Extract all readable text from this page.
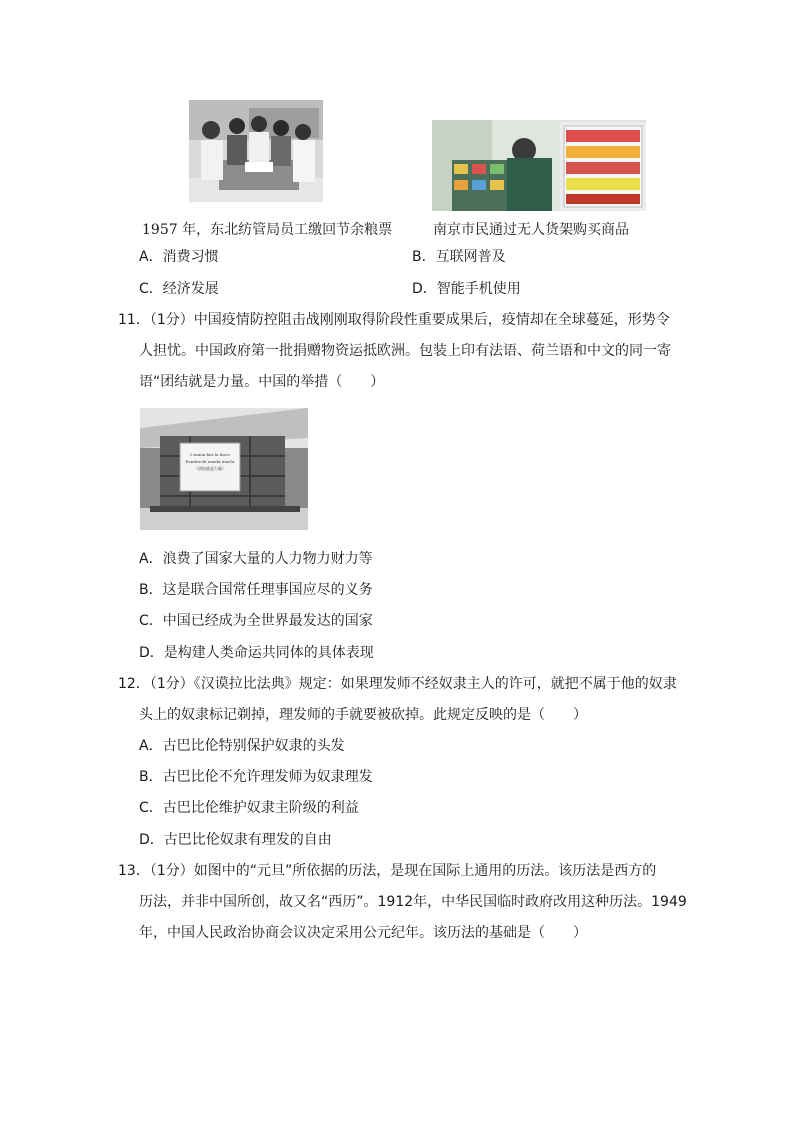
1957 年，东北纺管局员工缴回节余粮票	南京市民通过无人货架购买商品
A．消费习惯	B．互联网普及
C．经济发展	D．智能手机使用
11．（1分）中国疫情防控阻击战刚刚取得阶段性重要成果后，疫情却在全球蔓延，形势令
人担忧。中国政府第一批捐赠物资运抵欧洲。包装上印有法语、荷兰语和中文的同一寄
语“团结就是力量。中国的举措（　　）
L'union fait la force
Eendracht maakt macht
（团结就是力量）
A．浪费了国家大量的人力物力财力等
B．这是联合国常任理事国应尽的义务
C．中国已经成为全世界最发达的国家
D．是构建人类命运共同体的具体表现
12．（1分）《汉谟拉比法典》规定：如果理发师不经奴隶主人的许可，就把不属于他的奴隶
头上的奴隶标记剃掉，理发师的手就要被砍掉。此规定反映的是（　　）
A．古巴比伦特别保护奴隶的头发
B．古巴比伦不允许理发师为奴隶理发
C．古巴比伦维护奴隶主阶级的利益
D．古巴比伦奴隶有理发的自由
13．（1分）如图中的“元旦”所依据的历法，是现在国际上通用的历法。该历法是西方的
历法，并非中国所创，故又名“西历”。1912年，中华民国临时政府改用这种历法。1949
年，中国人民政治协商会议决定采用公元纪年。该历法的基础是（　　）
